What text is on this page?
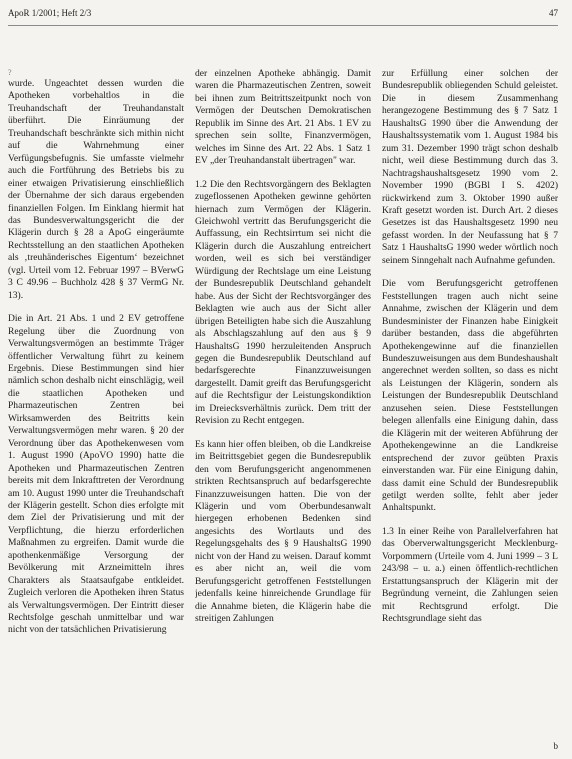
ApoR 1/2001; Heft 2/3	47

?

wurde. Ungeachtet dessen wurden die Apotheken vorbehaltlos in die Treuhandschaft der Treuhandanstalt überführt. Die Einräumung der Treuhandschaft beschränkte sich mithin nicht auf die Wahrnehmung einer Verfügungsbefugnis. Sie umfasste vielmehr auch die Fortführung des Betriebs bis zu einer etwaigen Privatisierung einschließlich der Übernahme der sich daraus ergebenden finanziellen Folgen. Im Einklang hiermit hat das Bundesverwaltungsgericht die der Klägerin durch § 28 a ApoG eingeräumte Rechtsstellung an den staatlichen Apotheken als ‚treuhänderisches Eigentum‘ bezeichnet (vgl. Urteil vom 12. Februar 1997 – BVerwG 3 C 49.96 – Buchholz 428 § 37 VermG Nr. 13).

Die in Art. 21 Abs. 1 und 2 EV getroffene Regelung über die Zuordnung von Verwaltungsvermögen an bestimmte Träger öffentlicher Verwaltung führt zu keinem Ergebnis. Diese Bestimmungen sind hier nämlich schon deshalb nicht einschlägig, weil die staatlichen Apotheken und Pharmazeutischen Zentren bei Wirksamwerden des Beitritts kein Verwaltungsvermögen mehr waren. § 20 der Verordnung über das Apothekenwesen vom 1. August 1990 (ApoVO 1990) hatte die Apotheken und Pharmazeutischen Zentren bereits mit dem Inkrafttreten der Verordnung am 10. August 1990 unter die Treuhandschaft der Klägerin gestellt. Schon dies erfolgte mit dem Ziel der Privatisierung und mit der Verpflichtung, die hierzu erforderlichen Maßnahmen zu ergreifen. Damit wurde die apothenkenmäßige Versorgung der Bevölkerung mit Arzneimitteln ihres Charakters als Staatsaufgabe entkleidet. Zugleich verloren die Apotheken ihren Status als Verwaltungsvermögen. Der Eintritt dieser Rechtsfolge geschah unmittelbar und war nicht von der tatsächlichen Privatisierung

der einzelnen Apotheke abhängig. Damit waren die Pharmazeutischen Zentren, soweit bei ihnen zum Beitrittszeitpunkt noch von Vermögen der Deutschen Demokratischen Republik im Sinne des Art. 21 Abs. 1 EV zu sprechen sein sollte, Finanzvermögen, welches im Sinne des Art. 22 Abs. 1 Satz 1 EV „der Treuhandanstalt übertragen" war.

1.2 Die den Rechtsvorgängern des Beklagten zugeflossenen Apotheken gewinne gehörten hiernach zum Vermögen der Klägerin. Gleichwohl vertritt das Berufungsgericht die Auffassung, ein Rechtsirrtum sei nicht die Klägerin durch die Auszahlung entreichert worden, weil es sich bei verständiger Würdigung der Rechtslage um eine Leistung der Bundesrepublik Deutschland gehandelt habe. Aus der Sicht der Rechtsvorgänger des Beklagten wie auch aus der Sicht aller übrigen Beteiligten habe sich die Auszahlung als Abschlagszahlung auf den aus § 9 HaushaltsG 1990 herzuleitenden Anspruch gegen die Bundesrepublik Deutschland auf bedarfsgerechte Finanzzuweisungen dargestellt. Damit greift das Berufungsgericht auf die Rechtsfigur der Leistungskondiktion im Dreiecksverhältnis zurück. Dem tritt der Revision zu Recht entgegen.

Es kann hier offen bleiben, ob die Landkreise im Beitrittsgebiet gegen die Bundesrepublik den vom Berufungsgericht angenommenen strikten Rechtsanspruch auf bedarfsgerechte Finanzzuweisungen hatten. Die von der Klägerin und vom Oberbundesanwalt hiergegen erhobenen Bedenken sind angesichts des Wortlauts und des Regelungsgehalts des § 9 HaushaltsG 1990 nicht von der Hand zu weisen. Darauf kommt es aber nicht an, weil die vom Berufungsgericht getroffenen Feststellungen jedenfalls keine hinreichende Grundlage für die Annahme bieten, die Klägerin habe die streitigen Zahlungen

zur Erfüllung einer solchen der Bundesrepublik obliegenden Schuld geleistet. Die in diesem Zusammenhang herangezogene Bestimmung des § 7 Satz 1 HaushaltsG 1990 über die Anwendung der Haushaltssystematik vom 1. August 1984 bis zum 31. Dezember 1990 trägt schon deshalb nicht, weil diese Bestimmung durch das 3. Nachtragshaushaltsgesetz 1990 vom 2. November 1990 (BGBl I S. 4202) rückwirkend zum 3. Oktober 1990 außer Kraft gesetzt worden ist. Durch Art. 2 dieses Gesetzes ist das Haushaltsgesetz 1990 neu gefasst worden. In der Neufassung hat § 7 Satz 1 HaushaltsG 1990 weder wörtlich noch seinem Sinngehalt nach Aufnahme gefunden.

Die vom Berufungsgericht getroffenen Feststellungen tragen auch nicht seine Annahme, zwischen der Klägerin und dem Bundesminister der Finanzen habe Einigkeit darüber bestanden, dass die abgeführten Apothekengewinne auf die finanziellen Bundeszuweisungen aus dem Bundeshaushalt angerechnet werden sollten, so dass es nicht als Leistungen der Klägerin, sondern als Leistungen der Bundesrepublik Deutschland anzusehen seien. Diese Feststellungen belegen allenfalls eine Einigung dahin, dass die Klägerin mit der weiteren Abführung der Apothekengewinne an die Landkreise entsprechend der zuvor geübten Praxis einverstanden war. Für eine Einigung dahin, dass damit eine Schuld der Bundesrepublik getilgt werden sollte, fehlt aber jeder Anhaltspunkt.

1.3 In einer Reihe von Parallelverfahren hat das Oberverwaltungsgericht Mecklenburg-Vorpommern (Urteile vom 4. Juni 1999 – 3 L 243/98 – u. a.) einen öffentlich-rechtlichen Erstattungsanspruch der Klägerin mit der Begründung verneint, die Zahlungen seien mit Rechtsgrund erfolgt. Die Rechtsgrundlage sieht das

b
